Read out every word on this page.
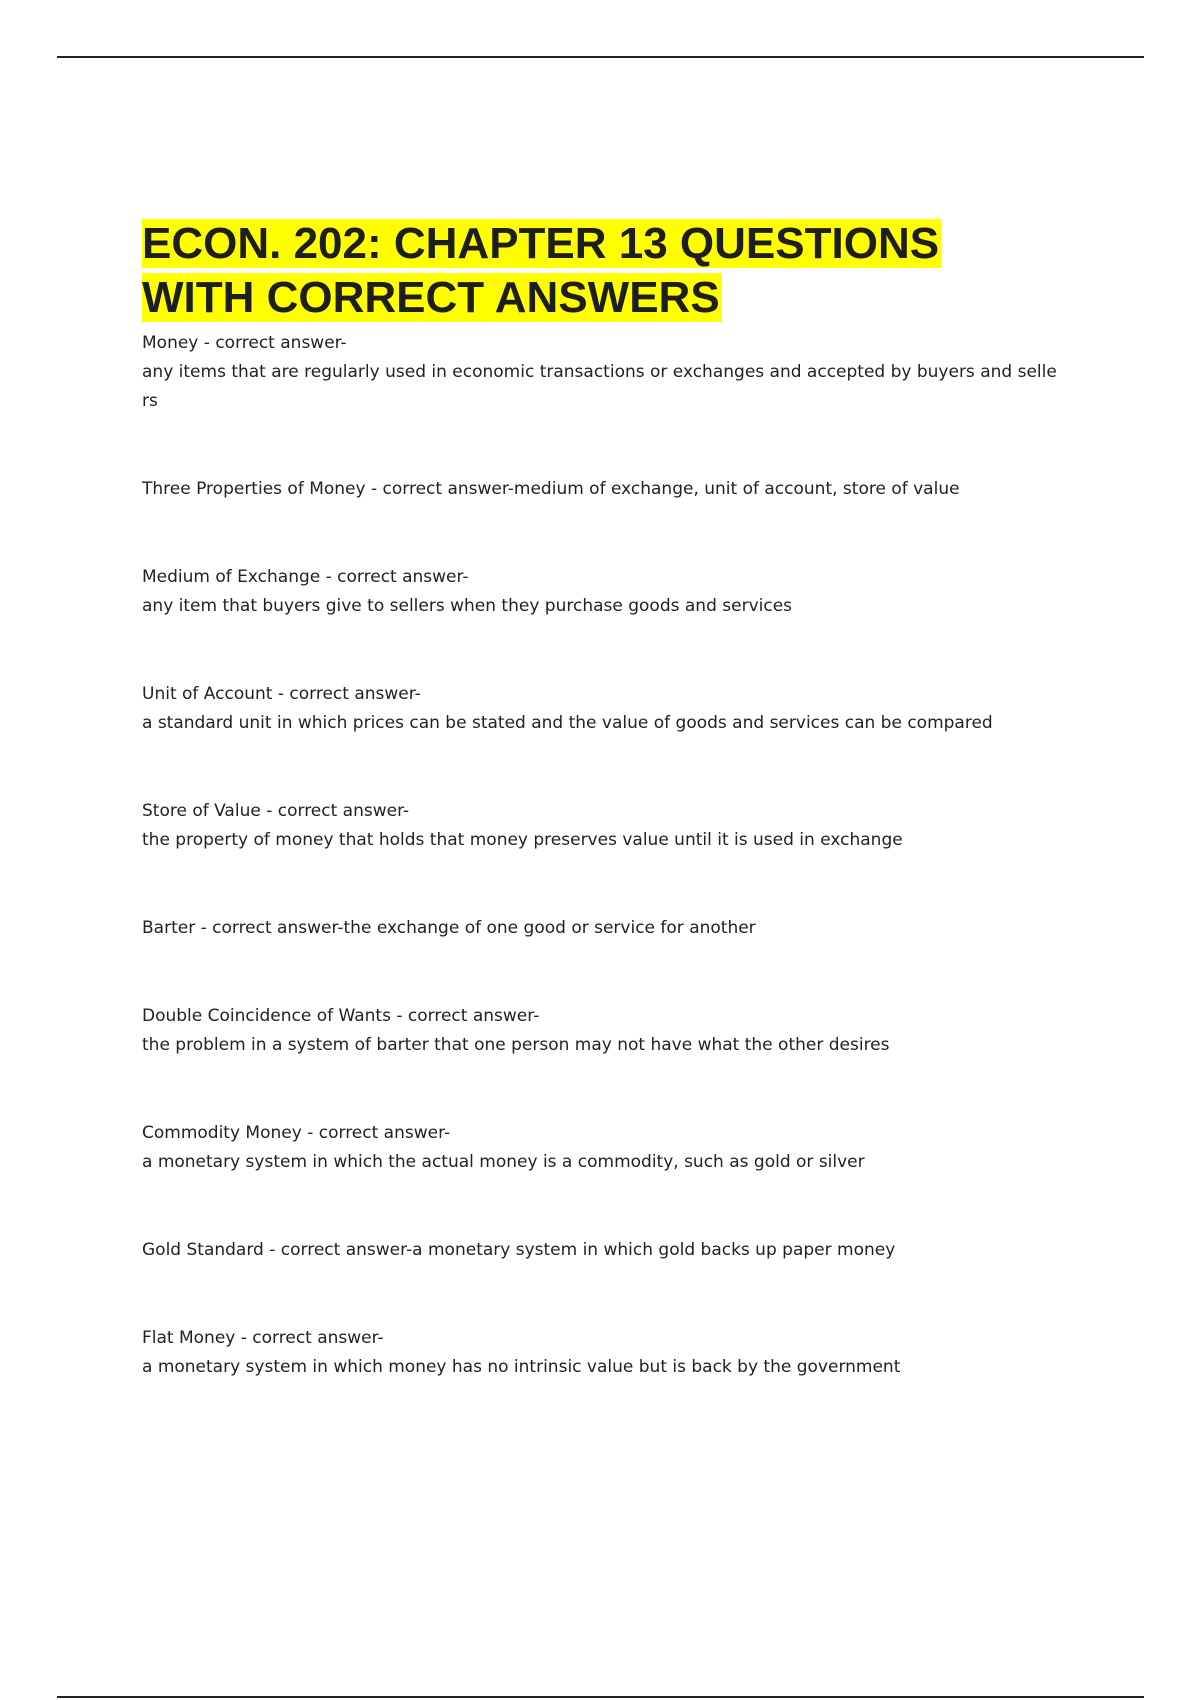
ECON. 202: CHAPTER 13 QUESTIONS WITH CORRECT ANSWERS

Money - correct answer-
any items that are regularly used in economic transactions or exchanges and accepted by buyers and sellers

Three Properties of Money - correct answer-medium of exchange, unit of account, store of value

Medium of Exchange - correct answer-
any item that buyers give to sellers when they purchase goods and services

Unit of Account - correct answer-
a standard unit in which prices can be stated and the value of goods and services can be compared

Store of Value - correct answer-
the property of money that holds that money preserves value until it is used in exchange

Barter - correct answer-the exchange of one good or service for another

Double Coincidence of Wants - correct answer-
the problem in a system of barter that one person may not have what the other desires

Commodity Money - correct answer-
a monetary system in which the actual money is a commodity, such as gold or silver

Gold Standard - correct answer-a monetary system in which gold backs up paper money

Flat Money - correct answer-
a monetary system in which money has no intrinsic value but is back by the government
